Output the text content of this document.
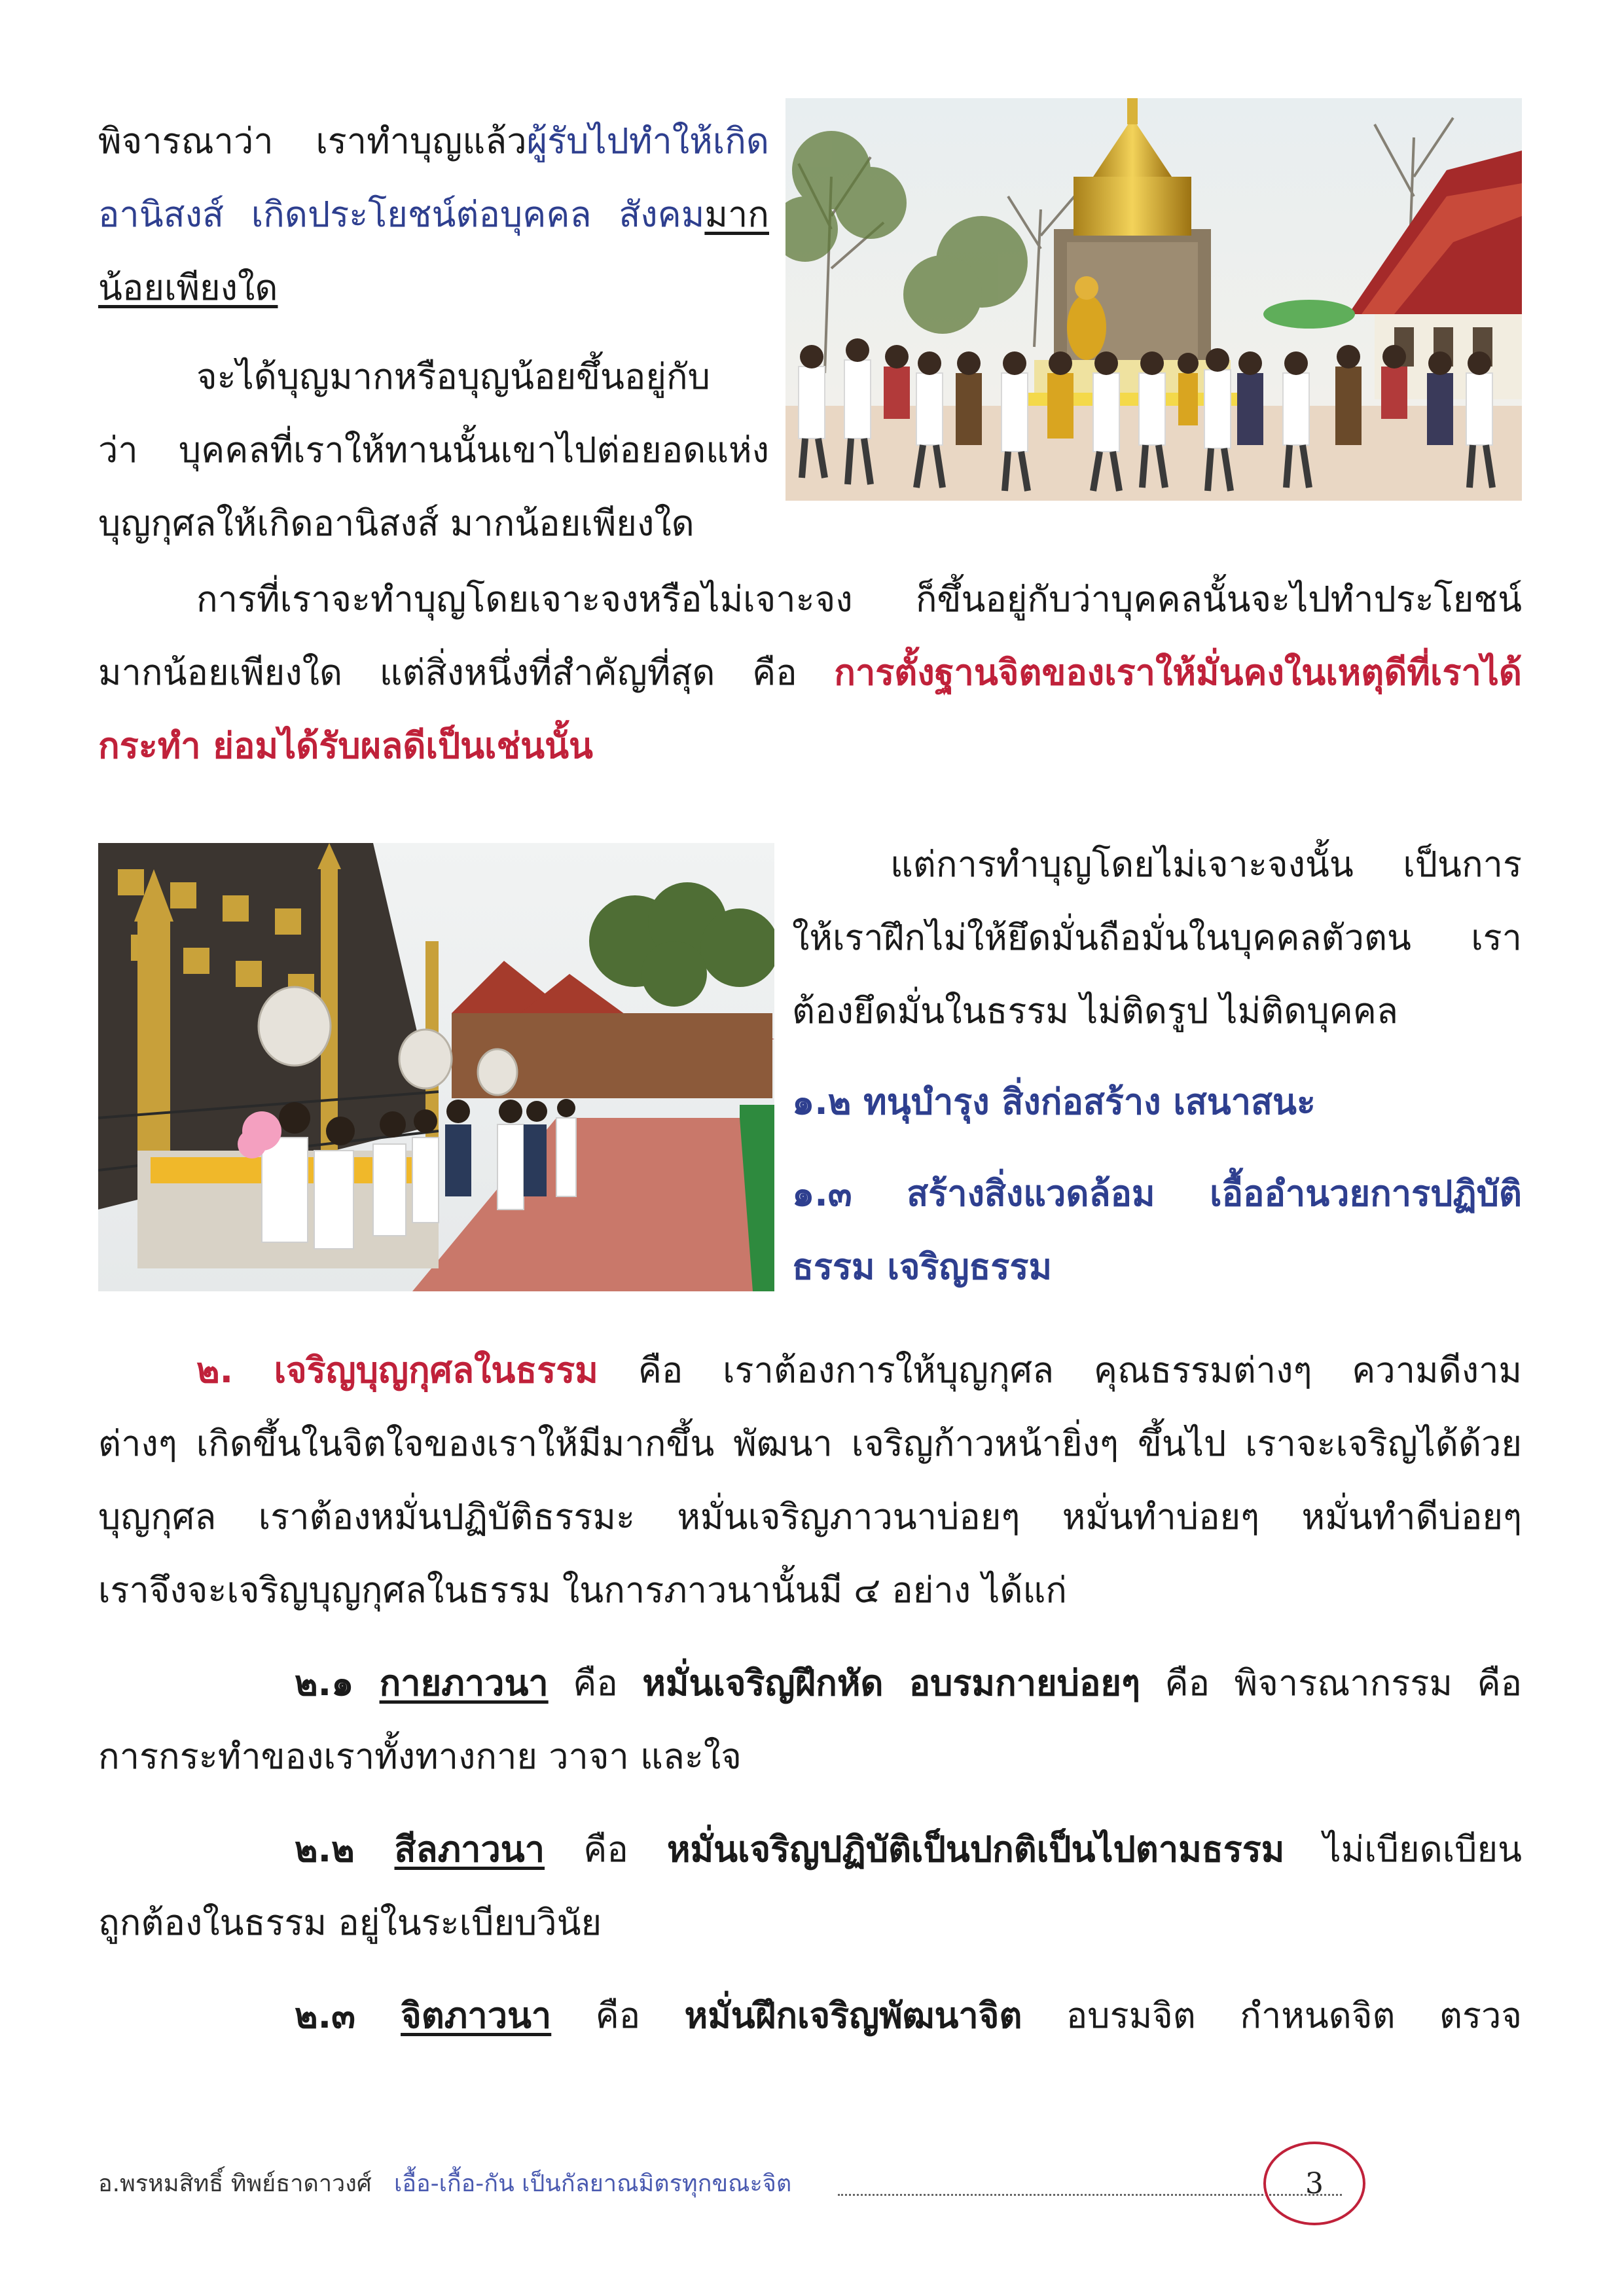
พิจารณาว่า เราทำบุญแล้วผู้รับไปทำให้เกิด
อานิสงส์ เกิดประโยชน์ต่อบุคคล สังคมมาก
น้อยเพียงใด
จะได้บุญมากหรือบุญน้อยขึ้นอยู่กับ
ว่า บุคคลที่เราให้ทานนั้นเขาไปต่อยอดแห่ง
บุญกุศลให้เกิดอานิสงส์ มากน้อยเพียงใด
การที่เราจะทำบุญโดยเจาะจงหรือไม่เจาะจง ก็ขึ้นอยู่กับว่าบุคคลนั้นจะไปทำประโยชน์
มากน้อยเพียงใด แต่สิ่งหนึ่งที่สำคัญที่สุด คือ การตั้งฐานจิตของเราให้มั่นคงในเหตุดีที่เราได้
กระทำ ย่อมได้รับผลดีเป็นเช่นนั้น
แต่การทำบุญโดยไม่เจาะจงนั้น เป็นการ
ให้เราฝึกไม่ให้ยึดมั่นถือมั่นในบุคคลตัวตน เรา
ต้องยึดมั่นในธรรม ไม่ติดรูป ไม่ติดบุคคล
๑.๒ ทนุบำรุง สิ่งก่อสร้าง เสนาสนะ
๑.๓ สร้างสิ่งแวดล้อม เอื้ออำนวยการปฏิบัติ
ธรรม เจริญธรรม
๒. เจริญบุญกุศลในธรรม คือ เราต้องการให้บุญกุศล คุณธรรมต่างๆ ความดีงาม
ต่างๆ เกิดขึ้นในจิตใจของเราให้มีมากขึ้น พัฒนา เจริญก้าวหน้ายิ่งๆ ขึ้นไป เราจะเจริญได้ด้วย
บุญกุศล เราต้องหมั่นปฏิบัติธรรมะ หมั่นเจริญภาวนาบ่อยๆ หมั่นทำบ่อยๆ หมั่นทำดีบ่อยๆ
เราจึงจะเจริญบุญกุศลในธรรม ในการภาวนานั้นมี ๔ อย่าง ได้แก่
๒.๑ กายภาวนา คือ หมั่นเจริญฝึกหัด อบรมกายบ่อยๆ คือ พิจารณากรรม คือ
การกระทำของเราทั้งทางกาย วาจา และใจ
๒.๒ สีลภาวนา คือ หมั่นเจริญปฏิบัติเป็นปกติเป็นไปตามธรรม ไม่เบียดเบียน
ถูกต้องในธรรม อยู่ในระเบียบวินัย
๒.๓ จิตภาวนา คือ หมั่นฝึกเจริญพัฒนาจิต อบรมจิต กำหนดจิต ตรวจ
อ.พรหมสิทธิ์ ทิพย์ธาดาวงศ์ เอื้อ-เกื้อ-กัน เป็นกัลยาณมิตรทุกขณะจิต	3
